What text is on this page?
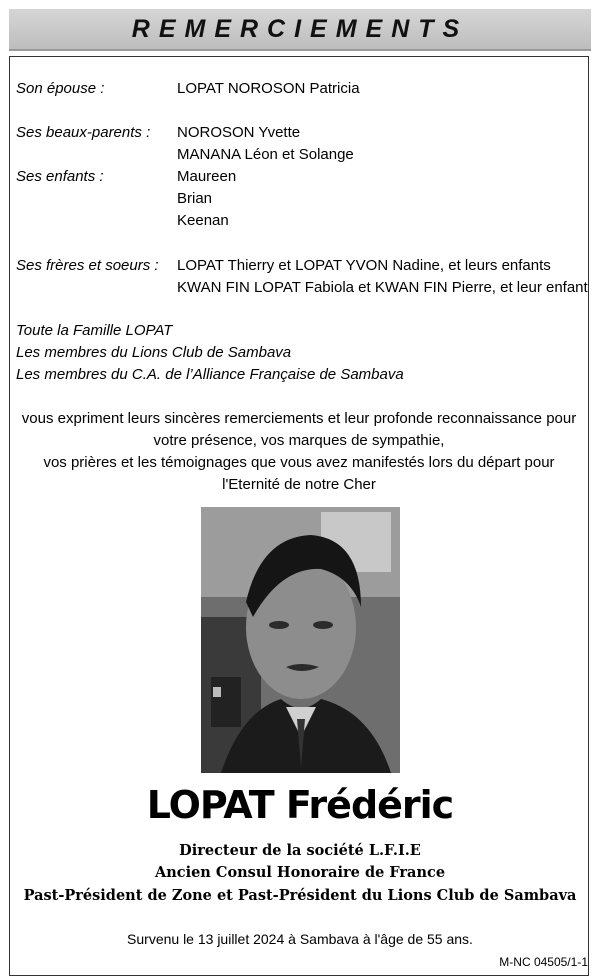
REMERCIEMENTS
Son épouse :	LOPAT NOROSON Patricia
Ses beaux-parents : NOROSON Yvette
MANANA Léon et Solange
Ses enfants :	Maureen
Brian
Keenan
Ses frères et soeurs : LOPAT Thierry et LOPAT YVON Nadine, et leurs enfants
KWAN FIN LOPAT Fabiola et KWAN FIN Pierre, et leur enfant
Toute la Famille LOPAT
Les membres du Lions Club de Sambava
Les membres du C.A. de l’Alliance Française de Sambava
vous expriment leurs sincères remerciements et leur profonde reconnaissance pour
votre présence, vos marques de sympathie,
vos prières et les témoignages que vous avez manifestés lors du départ pour
l'Eternité de notre Cher
LOPAT Frédéric
Directeur de la société L.F.I.E
Ancien Consul Honoraire de France
Past-Président de Zone et Past-Président du Lions Club de Sambava
Survenu le 13 juillet 2024 à Sambava à l'âge de 55 ans.
M-NC 04505/1-1
